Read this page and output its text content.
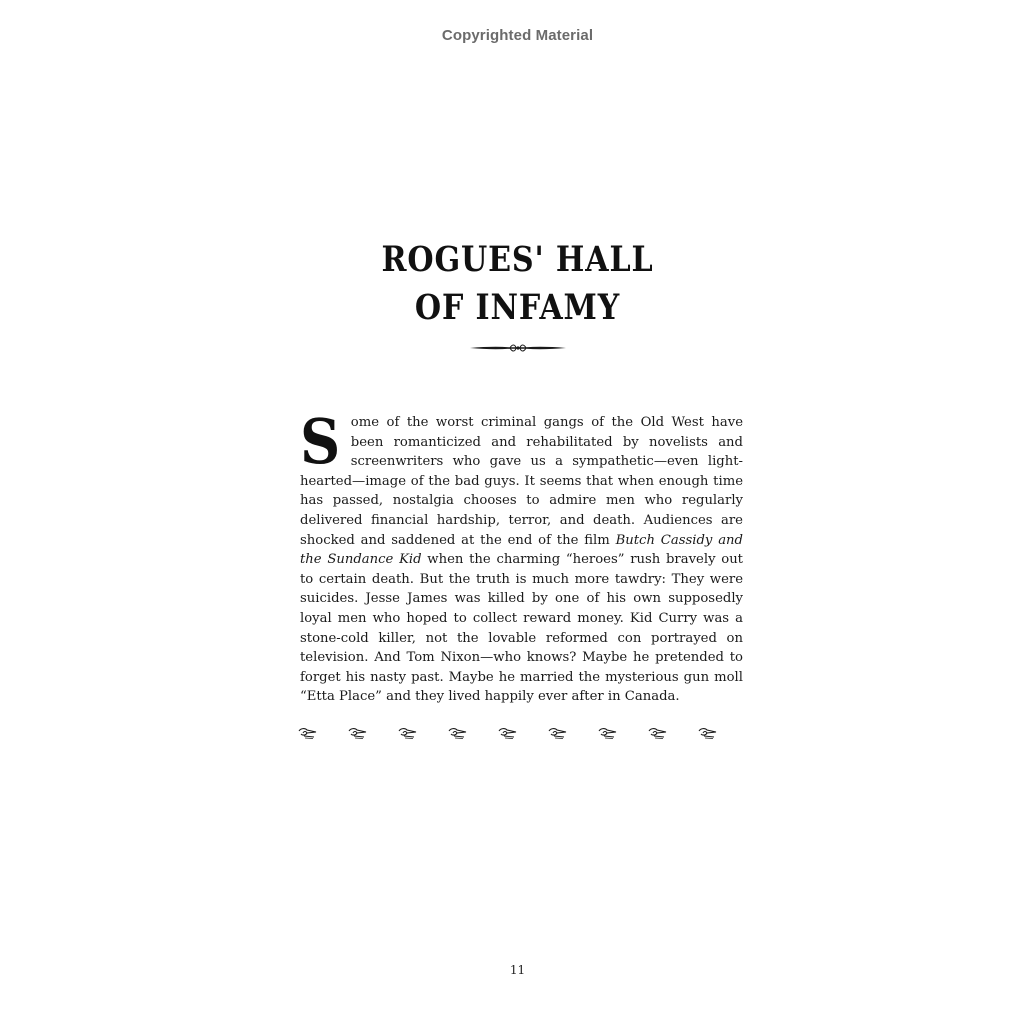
Copyrighted Material
ROGUES' HALL
OF INFAMY
Some of the worst criminal gangs of the Old West have been romanticized and rehabilitated by novelists and screenwriters who gave us a sympathetic—even light-hearted—image of the bad guys. It seems that when enough time has passed, nostalgia chooses to admire men who regularly delivered financial hardship, terror, and death. Audiences are shocked and saddened at the end of the film Butch Cassidy and the Sundance Kid when the charming “heroes” rush bravely out to certain death. But the truth is much more tawdry: They were suicides. Jesse James was killed by one of his own supposedly loyal men who hoped to collect reward money. Kid Curry was a stone-cold killer, not the lovable reformed con portrayed on television. And Tom Nixon—who knows? Maybe he pretended to forget his nasty past. Maybe he married the mysterious gun moll “Etta Place” and they lived happily ever after in Canada.
11
